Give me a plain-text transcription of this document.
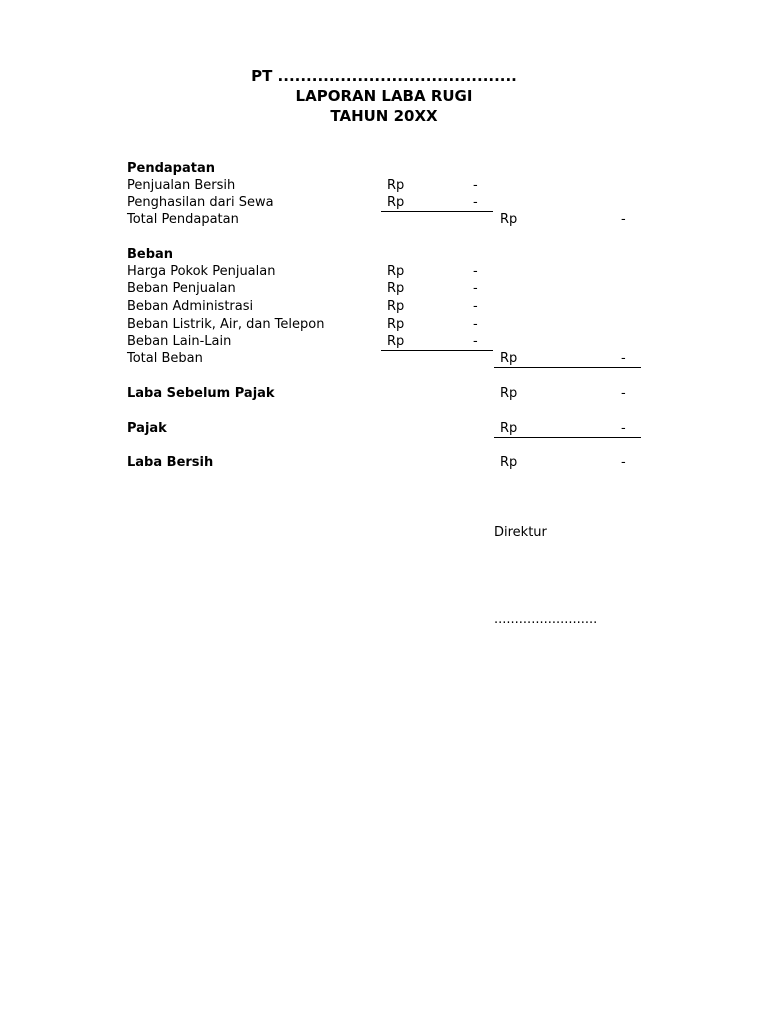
PT ..........................................
LAPORAN LABA RUGI
TAHUN 20XX
Pendapatan
Penjualan Bersih	Rp	-
Penghasilan dari Sewa	Rp	-
Total Pendapatan	Rp	-
Beban
Harga Pokok Penjualan	Rp	-
Beban Penjualan	Rp	-
Beban Administrasi	Rp	-
Beban Listrik, Air, dan Telepon	Rp	-
Beban Lain-Lain	Rp	-
Total Beban	Rp	-
Laba Sebelum Pajak	Rp	-
Pajak	Rp	-
Laba Bersih	Rp	-
Direktur
.........................
